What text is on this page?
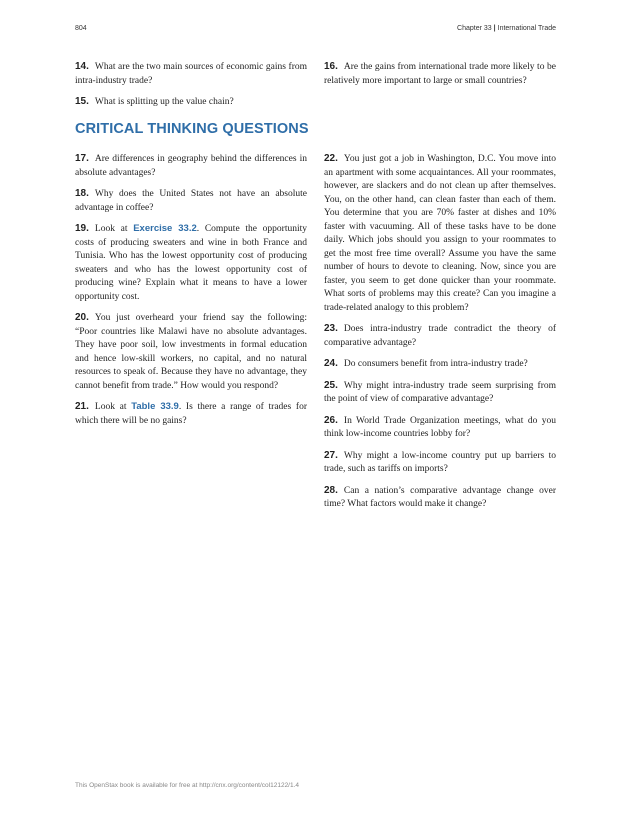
804	Chapter 33 | International Trade

14. What are the two main sources of economic gains from intra-industry trade?

15. What is splitting up the value chain?

16. Are the gains from international trade more likely to be relatively more important to large or small countries?

CRITICAL THINKING QUESTIONS

17. Are differences in geography behind the differences in absolute advantages?

18. Why does the United States not have an absolute advantage in coffee?

19. Look at Exercise 33.2. Compute the opportunity costs of producing sweaters and wine in both France and Tunisia. Who has the lowest opportunity cost of producing sweaters and who has the lowest opportunity cost of producing wine? Explain what it means to have a lower opportunity cost.

20. You just overheard your friend say the following: “Poor countries like Malawi have no absolute advantages. They have poor soil, low investments in formal education and hence low-skill workers, no capital, and no natural resources to speak of. Because they have no advantage, they cannot benefit from trade.” How would you respond?

21. Look at Table 33.9. Is there a range of trades for which there will be no gains?

22. You just got a job in Washington, D.C. You move into an apartment with some acquaintances. All your roommates, however, are slackers and do not clean up after themselves. You, on the other hand, can clean faster than each of them. You determine that you are 70% faster at dishes and 10% faster with vacuuming. All of these tasks have to be done daily. Which jobs should you assign to your roommates to get the most free time overall? Assume you have the same number of hours to devote to cleaning. Now, since you are faster, you seem to get done quicker than your roommate. What sorts of problems may this create? Can you imagine a trade-related analogy to this problem?

23. Does intra-industry trade contradict the theory of comparative advantage?

24. Do consumers benefit from intra-industry trade?

25. Why might intra-industry trade seem surprising from the point of view of comparative advantage?

26. In World Trade Organization meetings, what do you think low-income countries lobby for?

27. Why might a low-income country put up barriers to trade, such as tariffs on imports?

28. Can a nation’s comparative advantage change over time? What factors would make it change?

This OpenStax book is available for free at http://cnx.org/content/col12122/1.4
